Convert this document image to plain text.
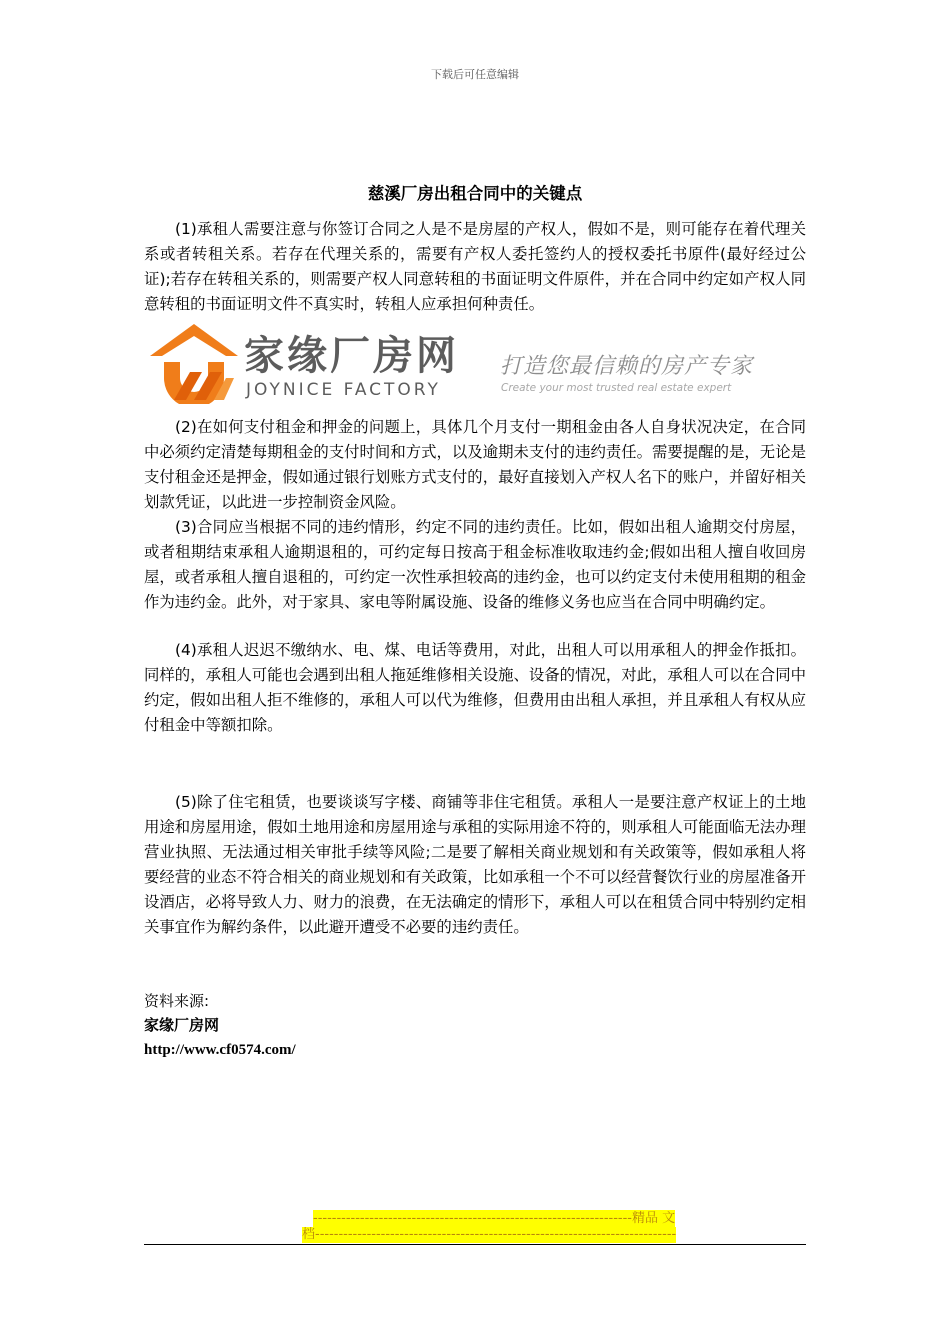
下载后可任意编辑
慈溪厂房出租合同中的关键点

(1)承租人需要注意与你签订合同之人是不是房屋的产权人，假如不是，则可能存在着代理关系或者转租关系。若存在代理关系的，需要有产权人委托签约人的授权委托书原件(最好经过公证);若存在转租关系的，则需要产权人同意转租的书面证明文件原件，并在合同中约定如产权人同意转租的书面证明文件不真实时，转租人应承担何种责任。

家缘厂房网
JOYNICE FACTORY
打造您最信赖的房产专家
Create your most trusted real estate expert

(2)在如何支付租金和押金的问题上，具体几个月支付一期租金由各人自身状况决定，在合同中必须约定清楚每期租金的支付时间和方式，以及逾期未支付的违约责任。需要提醒的是，无论是支付租金还是押金，假如通过银行划账方式支付的，最好直接划入产权人名下的账户，并留好相关划款凭证，以此进一步控制资金风险。

(3)合同应当根据不同的违约情形，约定不同的违约责任。比如，假如出租人逾期交付房屋，或者租期结束承租人逾期退租的，可约定每日按高于租金标准收取违约金;假如出租人擅自收回房屋，或者承租人擅自退租的，可约定一次性承担较高的违约金，也可以约定支付未使用租期的租金作为违约金。此外，对于家具、家电等附属设施、设备的维修义务也应当在合同中明确约定。

(4)承租人迟迟不缴纳水、电、煤、电话等费用，对此，出租人可以用承租人的押金作抵扣。同样的，承租人可能也会遇到出租人拖延维修相关设施、设备的情况，对此，承租人可以在合同中约定，假如出租人拒不维修的，承租人可以代为维修，但费用由出租人承担，并且承租人有权从应付租金中等额扣除。

(5)除了住宅租赁，也要谈谈写字楼、商铺等非住宅租赁。承租人一是要注意产权证上的土地用途和房屋用途，假如土地用途和房屋用途与承租的实际用途不符的，则承租人可能面临无法办理营业执照、无法通过相关审批手续等风险;二是要了解相关商业规划和有关政策等，假如承租人将要经营的业态不符合相关的商业规划和有关政策，比如承租一个不可以经营餐饮行业的房屋准备开设酒店，必将导致人力、财力的浪费，在无法确定的情形下，承租人可以在租赁合同中特别约定相关事宜作为解约条件，以此避开遭受不必要的违约责任。

资料来源:
家缘厂房网
http://www.cf0574.com/
--------------------------------------------------------------------精品 文
档-----------------------------------------------------------------------------
